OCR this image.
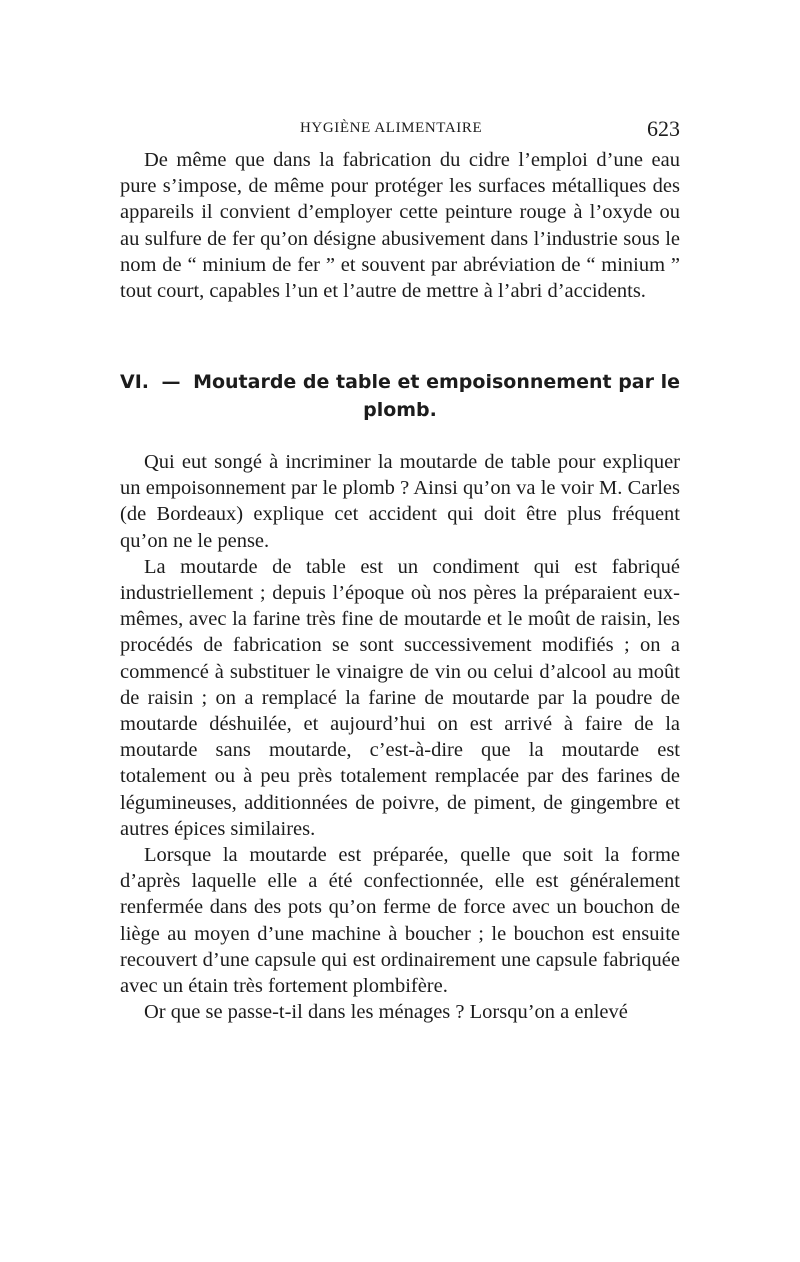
HYGIÈNE ALIMENTAIRE	623

De même que dans la fabrication du cidre l’emploi d’une eau pure s’impose, de même pour protéger les surfaces métalliques des appareils il convient d’employer cette peinture rouge à l’oxyde ou au sulfure de fer qu’on désigne abusivement dans l’industrie sous le nom de “ minium de fer ” et souvent par abréviation de “ minium ” tout court, capables l’un et l’autre de mettre à l’abri d’accidents.

VI. — Moutarde de table et empoisonnement par le
plomb.

Qui eut songé à incriminer la moutarde de table pour expliquer un empoisonnement par le plomb ? Ainsi qu’on va le voir M. Carles (de Bordeaux) explique cet accident qui doit être plus fréquent qu’on ne le pense.

La moutarde de table est un condiment qui est fabriqué industriellement ; depuis l’époque où nos pères la préparaient eux-mêmes, avec la farine très fine de moutarde et le moût de raisin, les procédés de fabrication se sont successivement modifiés ; on a commencé à substituer le vinaigre de vin ou celui d’alcool au moût de raisin ; on a remplacé la farine de moutarde par la poudre de moutarde déshuilée, et aujourd’hui on est arrivé à faire de la moutarde sans moutarde, c’est-à-dire que la moutarde est totalement ou à peu près totalement remplacée par des farines de légumineuses, additionnées de poivre, de piment, de gingembre et autres épices similaires.

Lorsque la moutarde est préparée, quelle que soit la forme d’après laquelle elle a été confectionnée, elle est généralement renfermée dans des pots qu’on ferme de force avec un bouchon de liège au moyen d’une machine à boucher ; le bouchon est ensuite recouvert d’une capsule qui est ordinairement une capsule fabriquée avec un étain très fortement plombifère.

Or que se passe-t-il dans les ménages ? Lorsqu’on a enlevé
